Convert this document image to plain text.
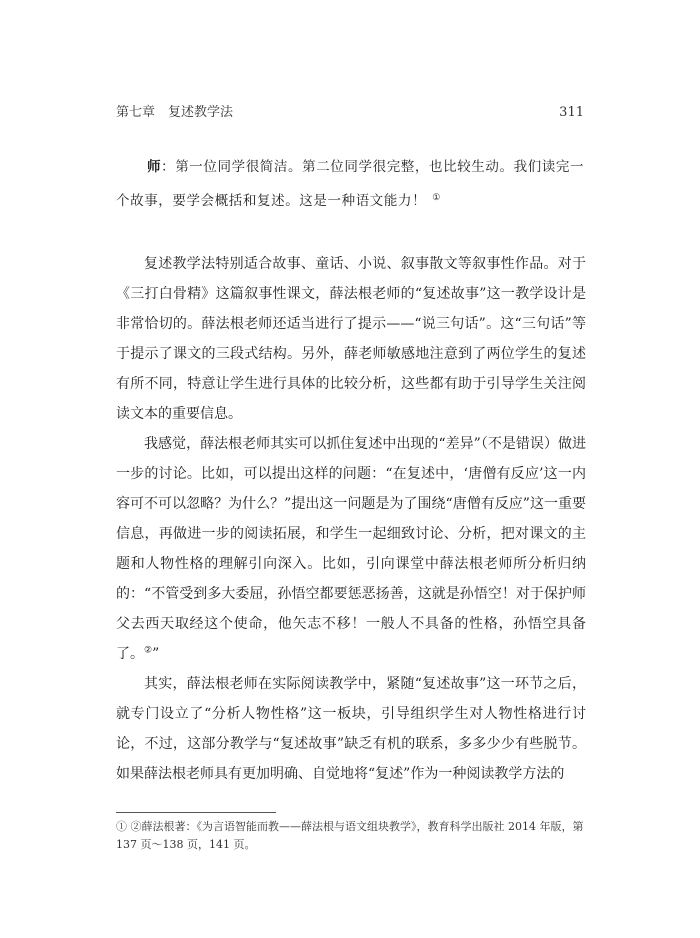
第七章　复述教学法	311
师：第一位同学很简洁。第二位同学很完整，也比较生动。我们读完一
个故事，要学会概括和复述。这是一种语文能力！ ①

复述教学法特别适合故事、童话、小说、叙事散文等叙事性作品。对于《三打白骨精》这篇叙事性课文，薛法根老师的“复述故事”这一教学设计是非常恰切的。薛法根老师还适当进行了提示——“说三句话”。这“三句话”等于提示了课文的三段式结构。另外，薛老师敏感地注意到了两位学生的复述有所不同，特意让学生进行具体的比较分析，这些都有助于引导学生关注阅读文本的重要信息。

我感觉，薛法根老师其实可以抓住复述中出现的“差异”（不是错误）做进一步的讨论。比如，可以提出这样的问题：“在复述中，‘唐僧有反应’这一内容可不可以忽略？为什么？”提出这一问题是为了围绕“唐僧有反应”这一重要信息，再做进一步的阅读拓展，和学生一起细致讨论、分析，把对课文的主题和人物性格的理解引向深入。比如，引向课堂中薛法根老师所分析归纳的：“不管受到多大委屈，孙悟空都要惩恶扬善，这就是孙悟空！对于保护师父去西天取经这个使命，他矢志不移！一般人不具备的性格，孙悟空具备了。②”

其实，薛法根老师在实际阅读教学中，紧随“复述故事”这一环节之后，就专门设立了“分析人物性格”这一板块，引导组织学生对人物性格进行讨论，不过，这部分教学与“复述故事”缺乏有机的联系，多多少少有些脱节。如果薛法根老师具有更加明确、自觉地将“复述”作为一种阅读教学方法的

① ②薛法根著：《为言语智能而教——薛法根与语文组块教学》，教育科学出版社 2014 年版，第 137 页～138 页，141 页。
